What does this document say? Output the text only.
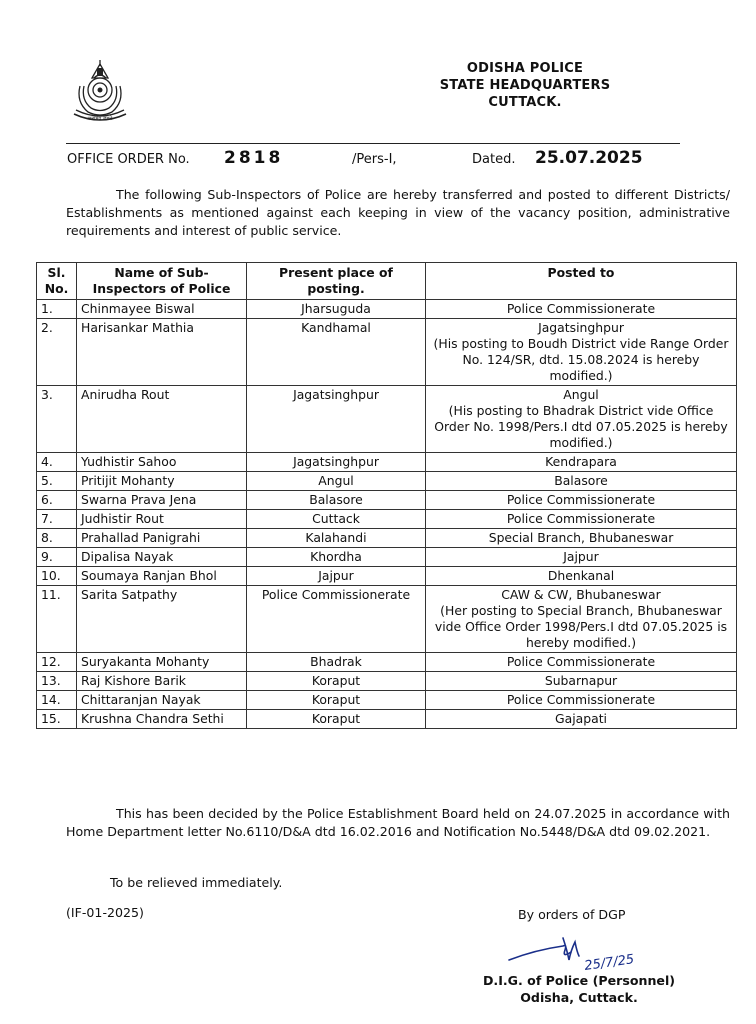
सत्यमेव जयते
ODISHA POLICE
STATE HEADQUARTERS
CUTTACK.
OFFICE ORDER No. 2818	/Pers-I,	Dated. 25.07.2025
The following Sub-Inspectors of Police are hereby transferred and posted to different Districts/ Establishments as mentioned against each keeping in view of the vacancy position, administrative requirements and interest of public service.
Sl. No.	Name of Sub-Inspectors of Police	Present place of posting.	Posted to
1.	Chinmayee Biswal	Jharsuguda	Police Commissionerate

2.	Harisankar Mathia	Kandhamal	Jagatsinghpur
(His posting to Boudh District vide Range Order No. 124/SR, dtd. 15.08.2024 is hereby modified.)

3.	Anirudha Rout	Jagatsinghpur	Angul
(His posting to Bhadrak District vide Office Order No. 1998/Pers.I dtd 07.05.2025 is hereby modified.)

4.	Yudhistir Sahoo	Jagatsinghpur	Kendrapara

5.	Pritijit Mohanty	Angul	Balasore

6.	Swarna Prava Jena	Balasore	Police Commissionerate

7.	Judhistir Rout	Cuttack	Police Commissionerate

8.	Prahallad Panigrahi	Kalahandi	Special Branch, Bhubaneswar

9.	Dipalisa Nayak	Khordha	Jajpur

10.	Soumaya Ranjan Bhol	Jajpur	Dhenkanal

11.	Sarita Satpathy	Police Commissionerate	CAW & CW, Bhubaneswar
(Her posting to Special Branch, Bhubaneswar vide Office Order 1998/Pers.I dtd 07.05.2025 is hereby modified.)

12.	Suryakanta Mohanty	Bhadrak	Police Commissionerate

13.	Raj Kishore Barik	Koraput	Subarnapur

14.	Chittaranjan Nayak	Koraput	Police Commissionerate

15.	Krushna Chandra Sethi	Koraput	Gajapati
This has been decided by the Police Establishment Board held on 24.07.2025 in accordance with Home Department letter No.6110/D&A dtd 16.02.2016 and Notification No.5448/D&A dtd 09.02.2021.
To be relieved immediately.
(IF-01-2025)	By orders of DGP
25/7/25
D.I.G. of Police (Personnel)
Odisha, Cuttack.
